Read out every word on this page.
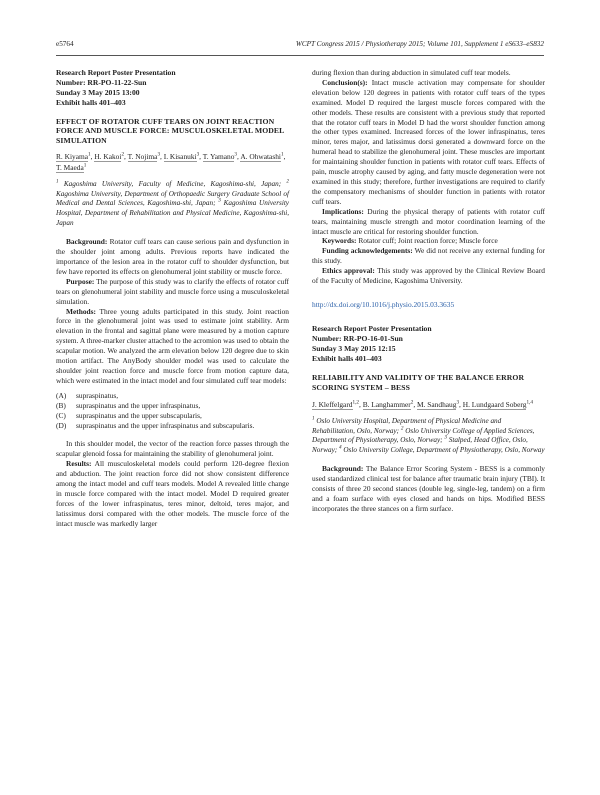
e5764	WCPT Congress 2015 / Physiotherapy 2015; Volume 101, Supplement 1 eS633–eS832
Research Report Poster Presentation
Number: RR-PO-11-22-Sun
Sunday 3 May 2015 13:00
Exhibit halls 401–403
EFFECT OF ROTATOR CUFF TEARS ON JOINT REACTION FORCE AND MUSCLE FORCE: MUSCULOSKELETAL MODEL SIMULATION
R. Kiyama$^1$, H. Kakoi$^2$, T. Nojima$^3$, I. Kisanuki$^3$, T. Yamano$^3$, A. Ohwatashi$^1$, T. Maeda$^1$
$^1$ Kagoshima University, Faculty of Medicine, Kagoshima-shi, Japan; $^2$ Kagoshima University, Department of Orthopaedic Surgery Graduate School of Medical and Dental Sciences, Kagoshima-shi, Japan; $^3$ Kagoshima University Hospital, Department of Rehabilitation and Physical Medicine, Kagoshima-shi, Japan

Background: Rotator cuff tears can cause serious pain and dysfunction in the shoulder joint among adults. Previous reports have indicated the importance of the lesion area in the rotator cuff to shoulder dysfunction, but few have reported its effects on glenohumeral joint stability or muscle force.

Purpose: The purpose of this study was to clarify the effects of rotator cuff tears on glenohumeral joint stability and muscle force using a musculoskeletal simulation.

Methods: Three young adults participated in this study. Joint reaction force in the glenohumeral joint was used to estimate joint stability. Arm elevation in the frontal and sagittal plane were measured by a motion capture system. A three-marker cluster attached to the acromion was used to obtain the scapular motion. We analyzed the arm elevation below 120 degree due to skin motion artifact. The AnyBody shoulder model was used to calculate the shoulder joint reaction force and muscle force from motion capture data, which were estimated in the intact model and four simulated cuff tear models:

(A) supraspinatus,
(B) supraspinatus and the upper infraspinatus,
(C) supraspinatus and the upper subscapularis,
(D) supraspinatus and the upper infraspinatus and subscapularis.

In this shoulder model, the vector of the reaction force passes through the scapular glenoid fossa for maintaining the stability of glenohumeral joint.

Results: All musculoskeletal models could perform 120-degree flexion and abduction. The joint reaction force did not show consistent difference among the intact model and cuff tears models. Model A revealed little change in muscle force compared with the intact model. Model D required greater forces of the lower infraspinatus, teres minor, deltoid, teres major, and latissimus dorsi compared with the other models. The muscle force of the intact muscle was markedly larger

during flexion than during abduction in simulated cuff tear models.

Conclusion(s): Intact muscle activation may compensate for shoulder elevation below 120 degrees in patients with rotator cuff tears of the types examined. Model D required the largest muscle forces compared with the other models. These results are consistent with a previous study that reported that the rotator cuff tears in Model D had the worst shoulder function among the other types examined. Increased forces of the lower infraspinatus, teres minor, teres major, and latissimus dorsi generated a downward force on the humeral head to stabilize the glenohumeral joint. These muscles are important for maintaining shoulder function in patients with rotator cuff tears. Effects of pain, muscle atrophy caused by aging, and fatty muscle degeneration were not examined in this study; therefore, further investigations are required to clarify the compensatory mechanisms of shoulder function in patients with rotator cuff tears.

Implications: During the physical therapy of patients with rotator cuff tears, maintaining muscle strength and motor coordination learning of the intact muscle are critical for restoring shoulder function.

Keywords: Rotator cuff; Joint reaction force; Muscle force

Funding acknowledgements: We did not receive any external funding for this study.

Ethics approval: This study was approved by the Clinical Review Board of the Faculty of Medicine, Kagoshima University.

http://dx.doi.org/10.1016/j.physio.2015.03.3635
Research Report Poster Presentation
Number: RR-PO-16-01-Sun
Sunday 3 May 2015 12:15
Exhibit halls 401–403
RELIABILITY AND VALIDITY OF THE BALANCE ERROR SCORING SYSTEM – BESS
J. Kleffelgard$^{1,2}$, B. Langhammer$^2$, M. Sandhaug$^3$, H. Lundgaard Soberg$^{1,4}$
$^1$ Oslo University Hospital, Department of Physical Medicine and Rehabilitation, Oslo, Norway; $^2$ Oslo University College of Applied Sciences, Department of Physiotherapy, Oslo, Norway; $^3$ Stalped, Head Office, Oslo, Norway; $^4$ Oslo University College, Department of Physiotherapy, Oslo, Norway

Background: The Balance Error Scoring System - BESS is a commonly used standardized clinical test for balance after traumatic brain injury (TBI). It consists of three 20 second stances (double leg, single-leg, tandem) on a firm and a foam surface with eyes closed and hands on hips. Modified BESS incorporates the three stances on a firm surface.
